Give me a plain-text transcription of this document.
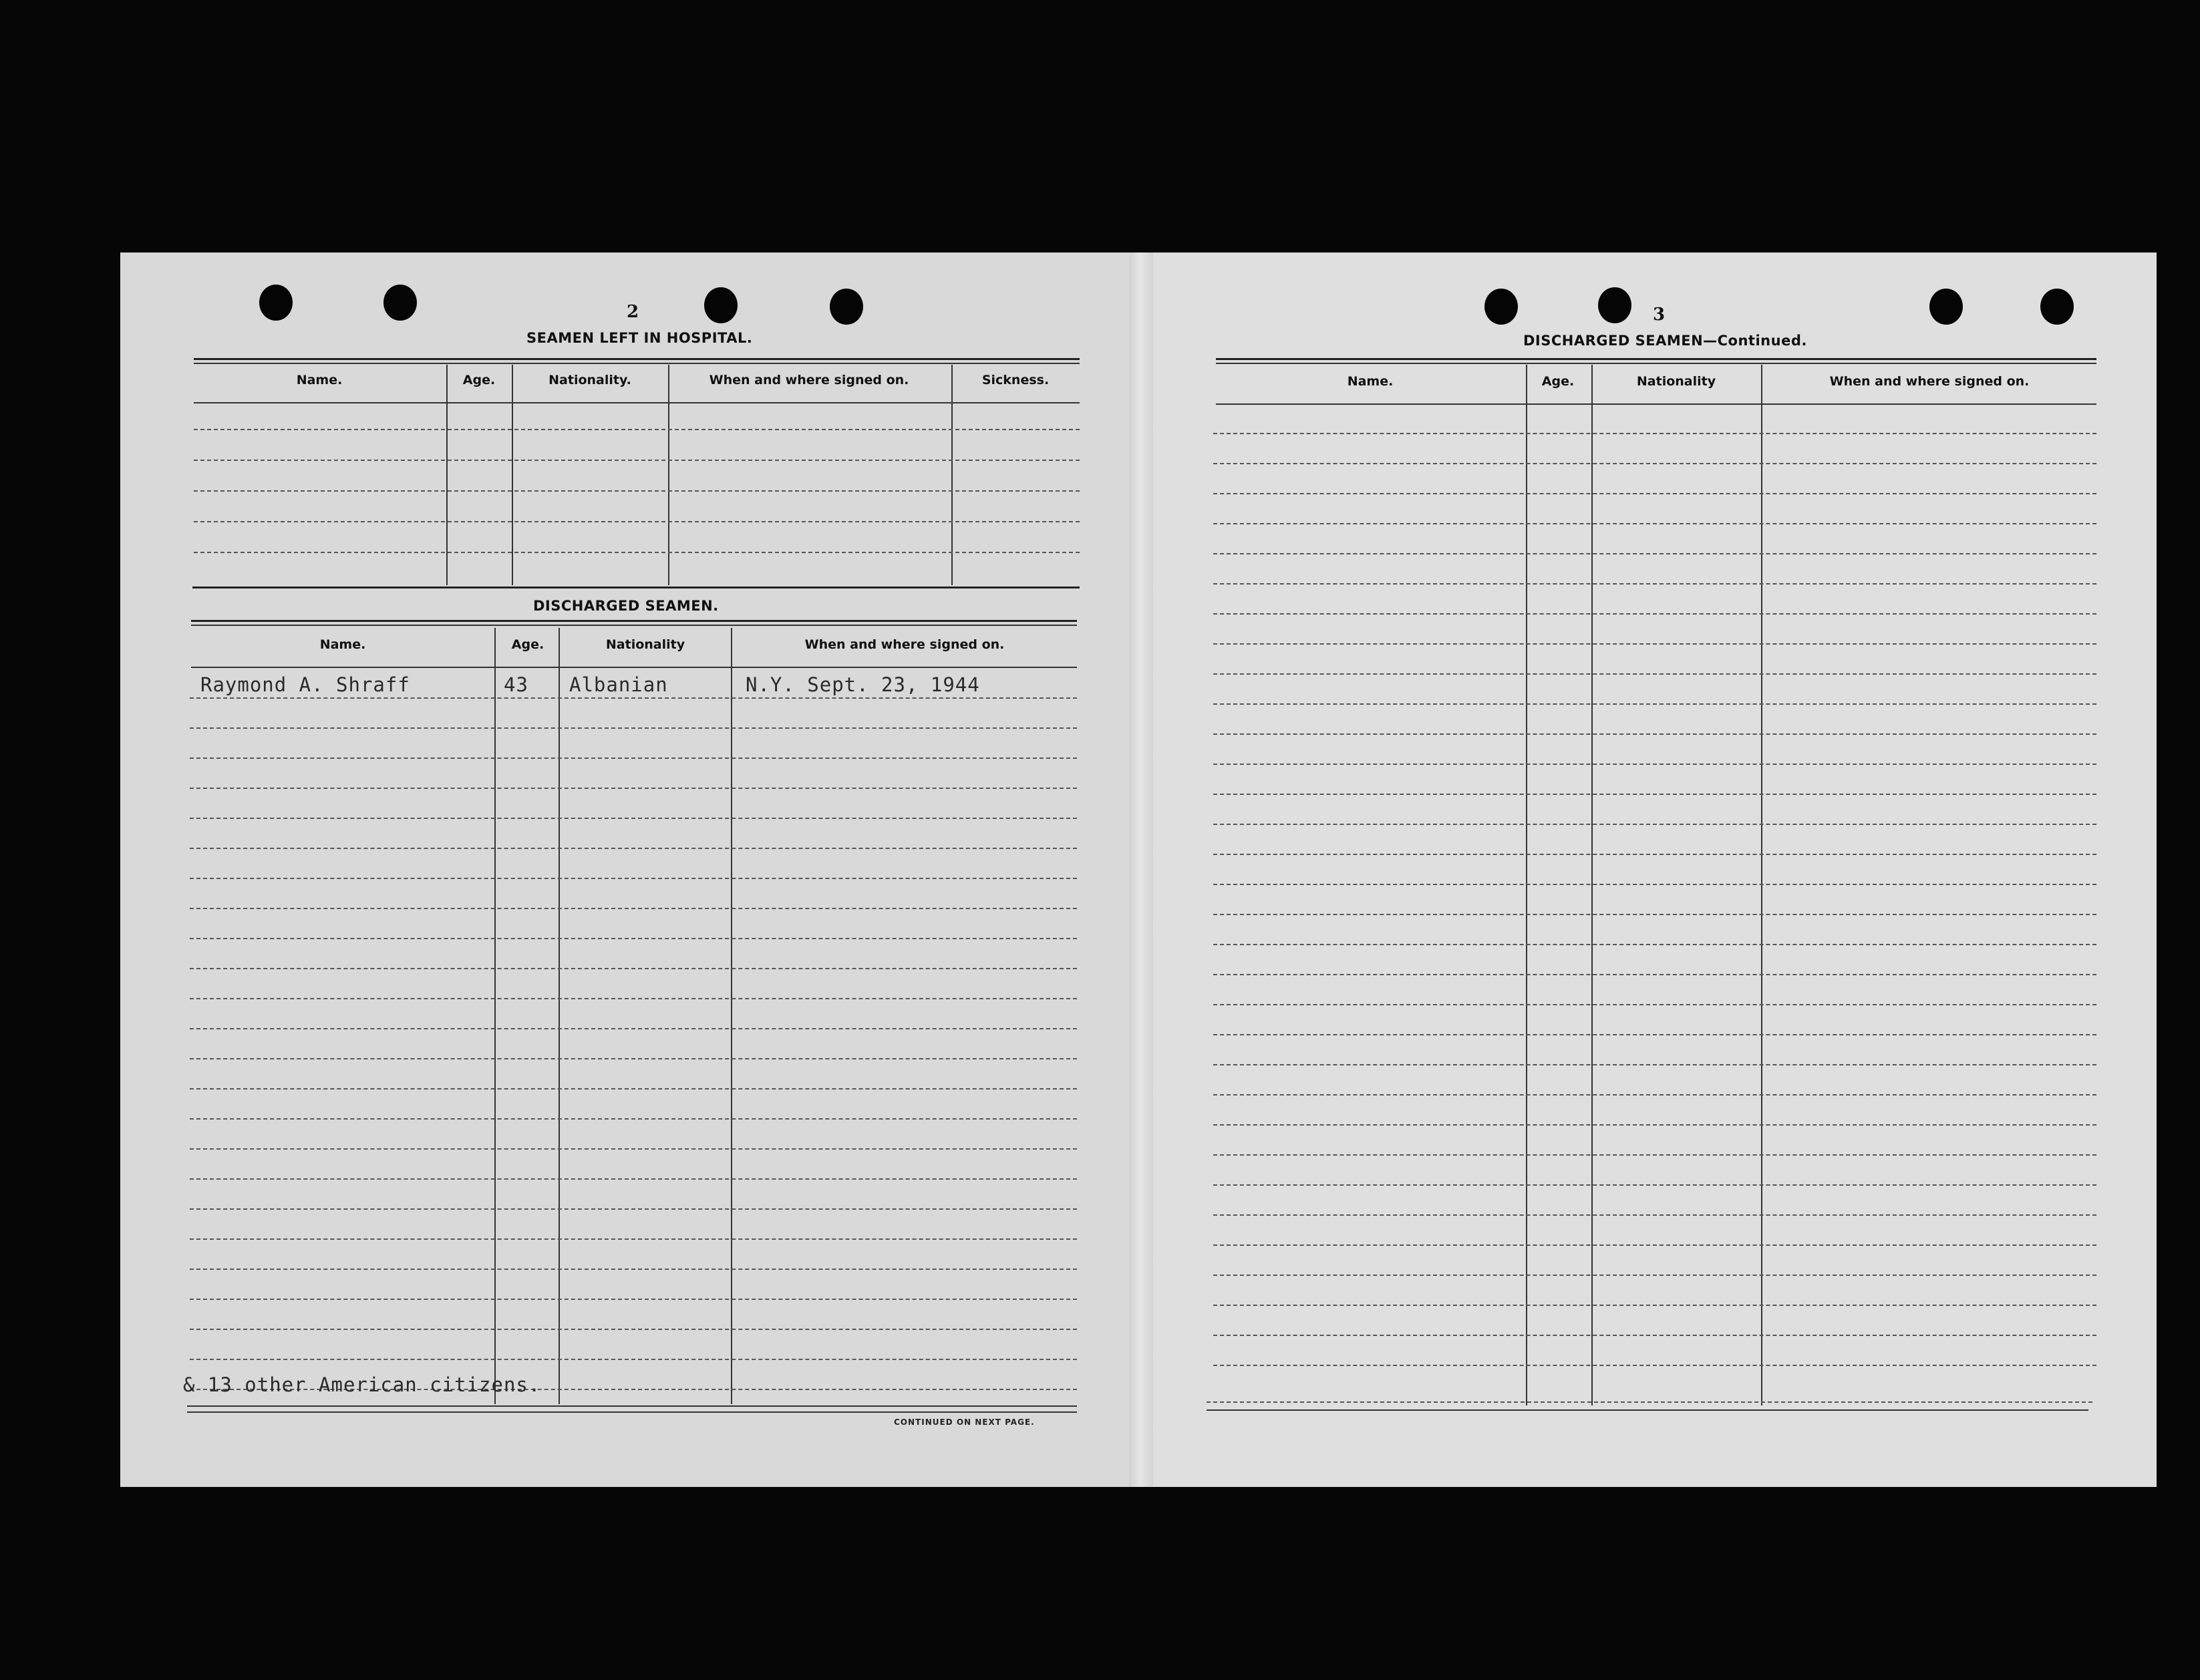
2
SEAMEN LEFT IN HOSPITAL.
Name.	Age.	Nationality.	When and where signed on.	Sickness.
DISCHARGED SEAMEN.
Name.	Age.	Nationality	When and where signed on.
Raymond A. Shraff	43 Albanian	N.Y. Sept. 23, 1944
& 13 other American citizens.
CONTINUED ON NEXT PAGE.
3
DISCHARGED SEAMEN—Continued.
Name.	Age.	Nationality	When and where signed on.
